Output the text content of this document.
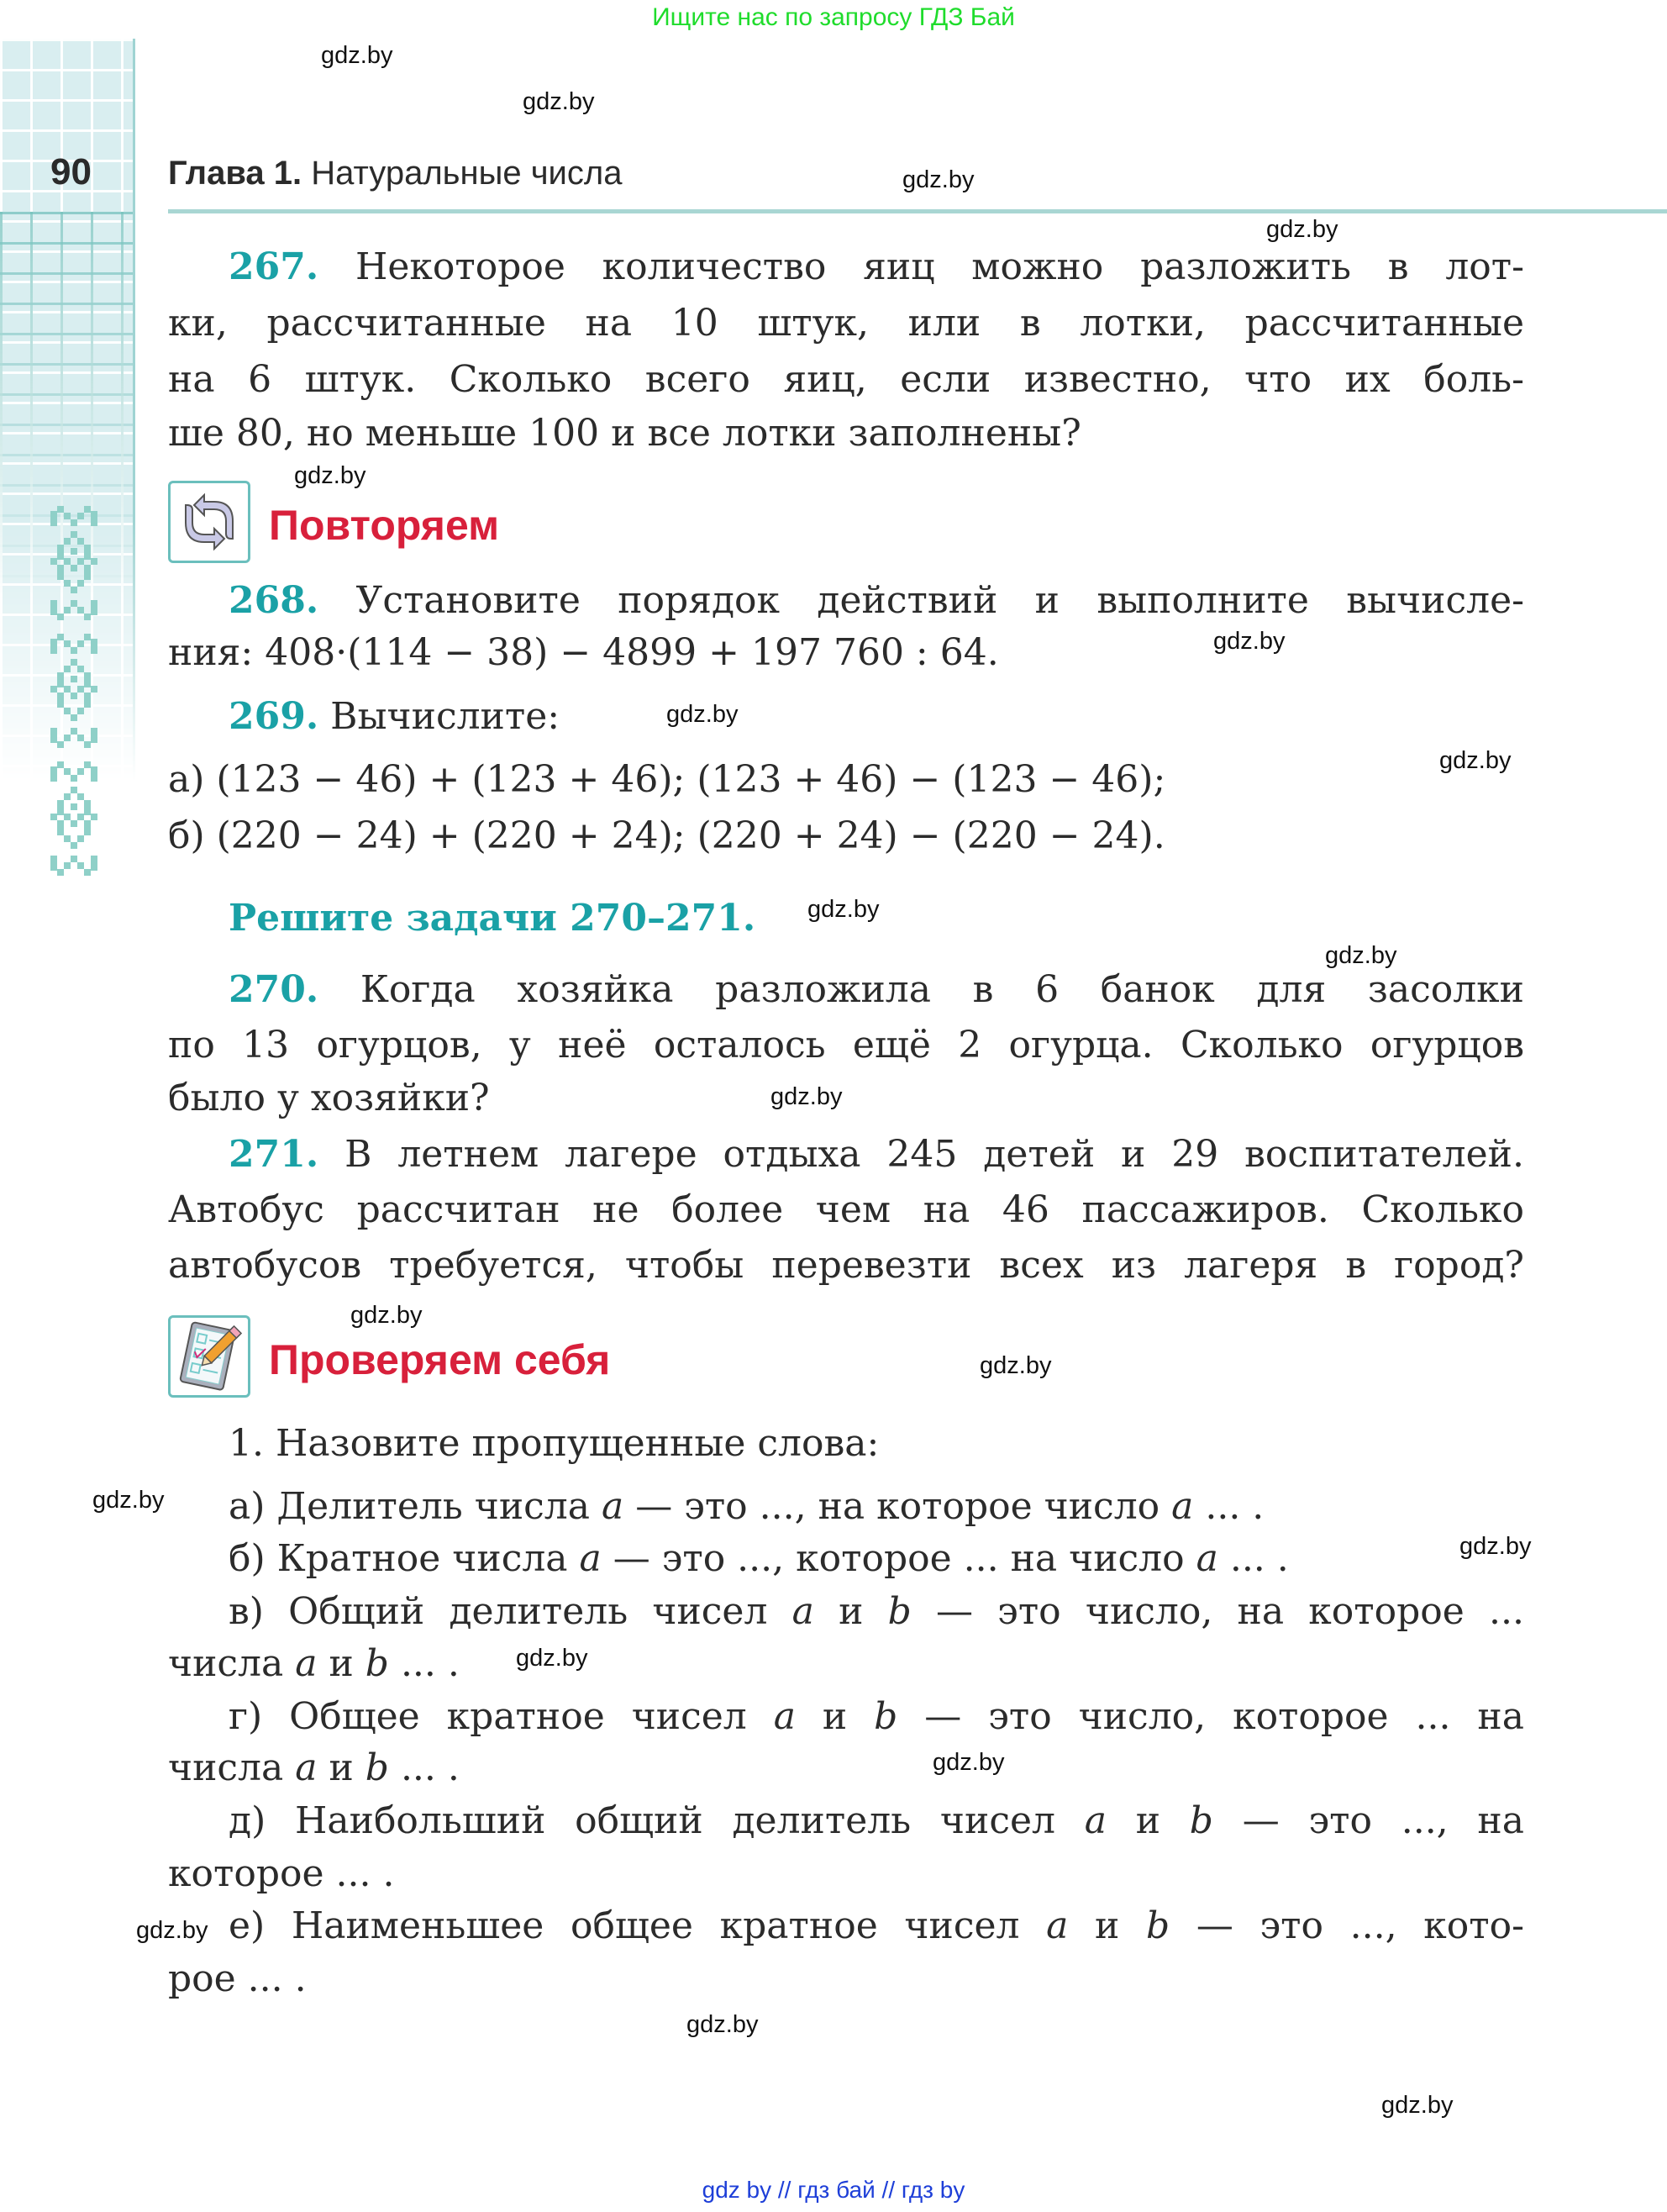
Ищите нас по запросу ГДЗ Бай
90	Глава 1. Натуральные числа
267. Некоторое количество яиц можно разложить в лот-
ки, рассчитанные на 10 штук, или в лотки, рассчитанные
на 6 штук. Сколько всего яиц, если известно, что их боль-
ше 80, но меньше 100 и все лотки заполнены?
Повторяем
268. Установите порядок действий и выполните вычисле-
ния: 408·(114 − 38) − 4899 + 197 760 : 64.
269. Вычислите:
а) (123 − 46) + (123 + 46); (123 + 46) − (123 − 46);
б) (220 − 24) + (220 + 24); (220 + 24) − (220 − 24).
Решите задачи 270–271.
270. Когда хозяйка разложила в 6 банок для засолки
по 13 огурцов, у неё осталось ещё 2 огурца. Сколько огурцов
было у хозяйки?
271. В летнем лагере отдыха 245 детей и 29 воспитателей.
Автобус рассчитан не более чем на 46 пассажиров. Сколько
автобусов требуется, чтобы перевезти всех из лагеря в город?
Проверяем себя
1. Назовите пропущенные слова:
а) Делитель числа a — это ..., на которое число a ... .
б) Кратное числа a — это ..., которое ... на число a ... .
в) Общий делитель чисел a и b — это число, на которое ...
числа a и b ... .
г) Общее кратное чисел a и b — это число, которое ... на
числа a и b ... .
д) Наибольший общий делитель чисел a и b — это ..., на
которое ... .
е) Наименьшее общее кратное чисел a и b — это ..., кото-
рое ... .
gdz.by
gdz.by
gdz.by
gdz.by
gdz.by
gdz.by
gdz.by
gdz.by
gdz.by
gdz.by
gdz.by
gdz.by
gdz.by
gdz.by
gdz.by
gdz.by
gdz.by
gdz.by
gdz.by
gdz.by
gdz by // гдз бай // гдз by
